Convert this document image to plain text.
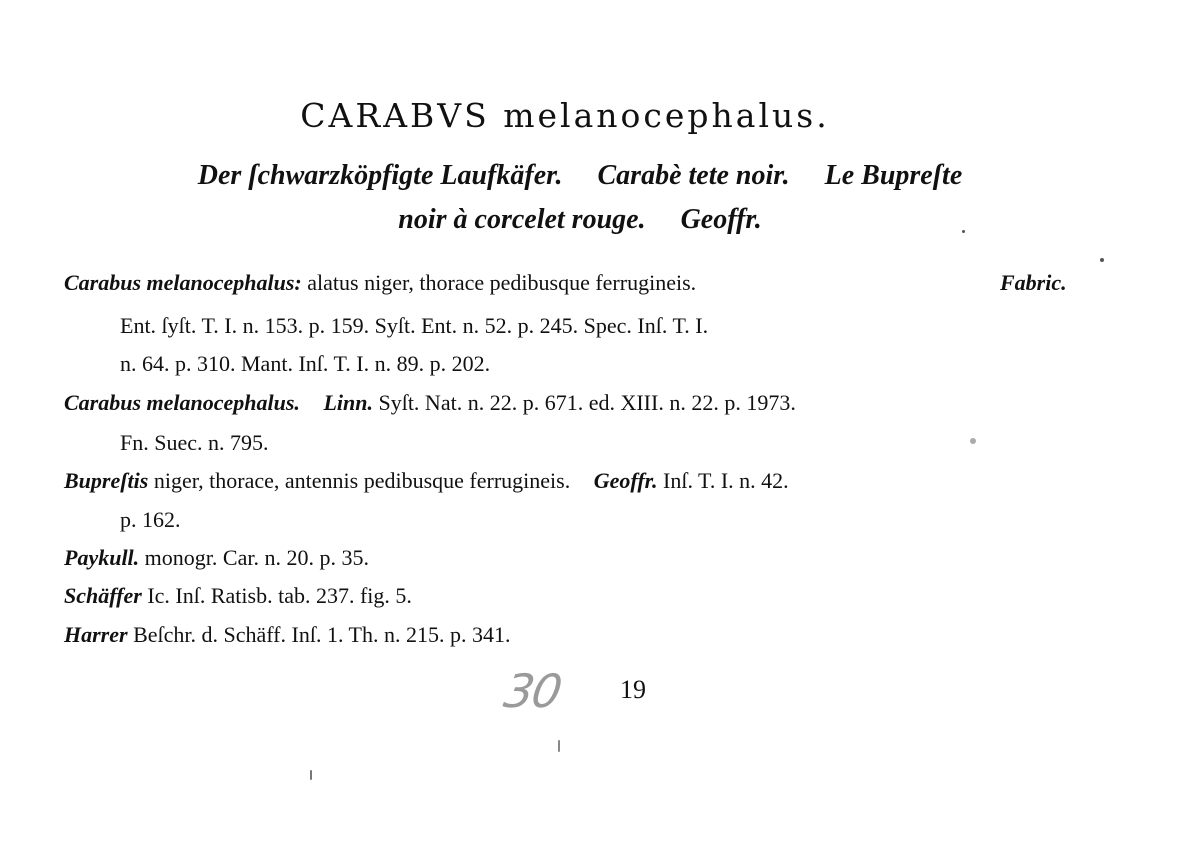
CARABVS melanocephalus.
Der ſchwarzköpfigte Laufkäfer. Carabè tete noir. Le Bupreſte
noir à corcelet rouge. Geoffr.
Carabus melanocephalus: alatus niger, thorace pedibusque ferrugineis.	Fabric.
Ent. ſyſt. T. I. n. 153. p. 159. Syſt. Ent. n. 52. p. 245. Spec. Inſ. T. I.
n. 64. p. 310. Mant. Inſ. T. I. n. 89. p. 202.
Carabus melanocephalus. Linn. Syſt. Nat. n. 22. p. 671. ed. XIII. n. 22. p. 1973.
Fn. Suec. n. 795.
Bupreſtis niger, thorace, antennis pedibusque ferrugineis. Geoffr. Inſ. T. I. n. 42.
p. 162.
Paykull. monogr. Car. n. 20. p. 35.
Schäffer Ic. Inſ. Ratisb. tab. 237. fig. 5.
Harrer Beſchr. d. Schäff. Inſ. 1. Th. n. 215. p. 341.
30 19
